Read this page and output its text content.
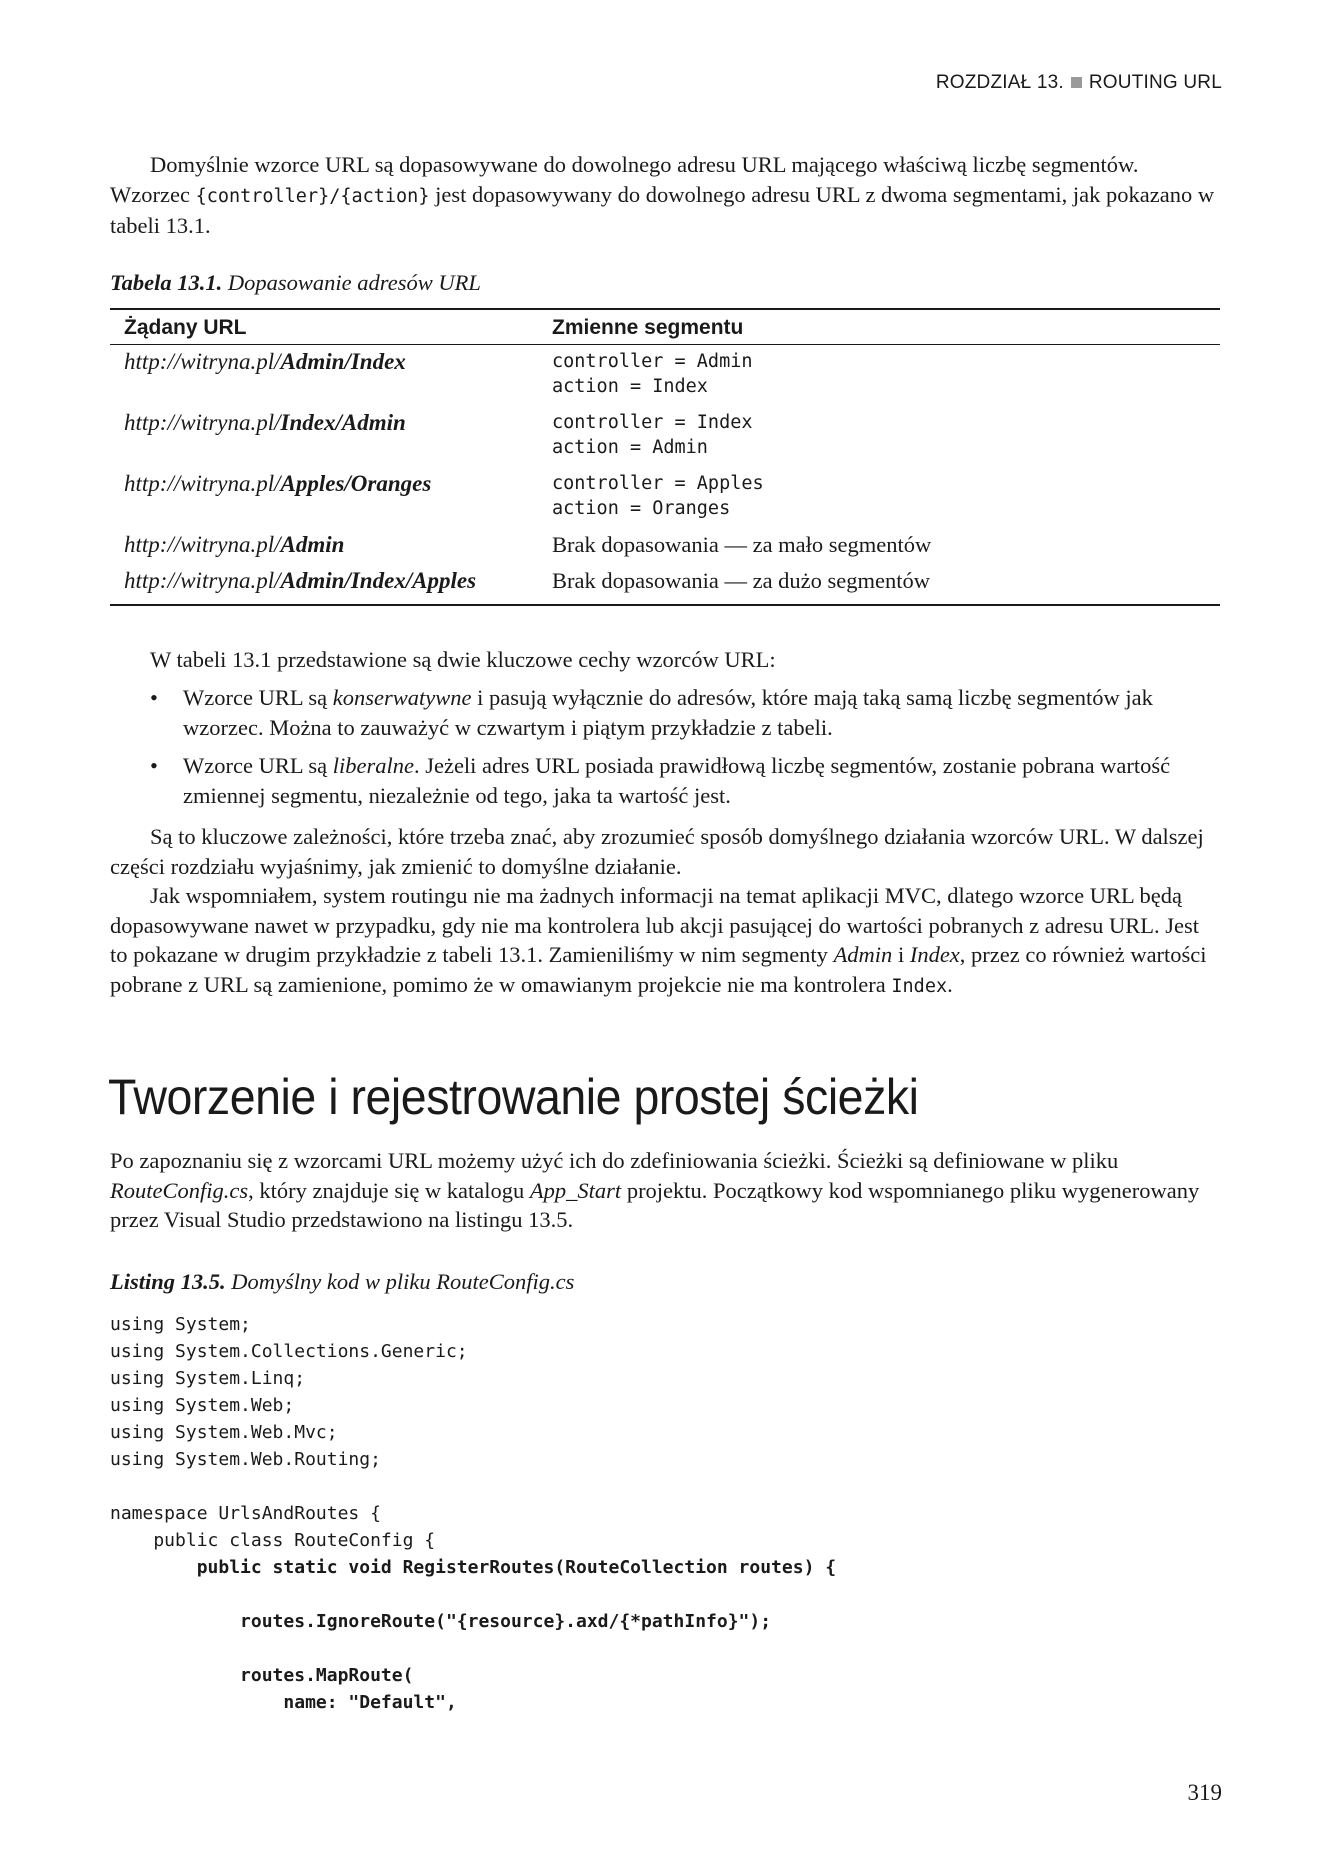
ROZDZIAŁ 13. ROUTING URL

Domyślnie wzorce URL są dopasowywane do dowolnego adresu URL mającego właściwą liczbę segmentów. Wzorzec {controller}/{action} jest dopasowywany do dowolnego adresu URL z dwoma segmentami, jak pokazano w tabeli 13.1.

Tabela 13.1. Dopasowanie adresów URL
Żądany URL	Zmienne segmentu
http://witryna.pl/Admin/Index	controller = Admin
action = Index

http://witryna.pl/Index/Admin	controller = Index
action = Admin

http://witryna.pl/Apples/Oranges	controller = Apples
action = Oranges

http://witryna.pl/Admin	Brak dopasowania — za mało segmentów
http://witryna.pl/Admin/Index/Apples	Brak dopasowania — za dużo segmentów

W tabeli 13.1 przedstawione są dwie kluczowe cechy wzorców URL:

•	Wzorce URL są konserwatywne i pasują wyłącznie do adresów, które mają taką samą liczbę segmentów jak wzorzec. Można to zauważyć w czwartym i piątym przykładzie z tabeli.
•	Wzorce URL są liberalne. Jeżeli adres URL posiada prawidłową liczbę segmentów, zostanie pobrana wartość zmiennej segmentu, niezależnie od tego, jaka ta wartość jest.

Są to kluczowe zależności, które trzeba znać, aby zrozumieć sposób domyślnego działania wzorców URL. W dalszej części rozdziału wyjaśnimy, jak zmienić to domyślne działanie.

Jak wspomniałem, system routingu nie ma żadnych informacji na temat aplikacji MVC, dlatego wzorce URL będą dopasowywane nawet w przypadku, gdy nie ma kontrolera lub akcji pasującej do wartości pobranych z adresu URL. Jest to pokazane w drugim przykładzie z tabeli 13.1. Zamieniliśmy w nim segmenty Admin i Index, przez co również wartości pobrane z URL są zamienione, pomimo że w omawianym projekcie nie ma kontrolera Index.

Tworzenie i rejestrowanie prostej ścieżki

Po zapoznaniu się z wzorcami URL możemy użyć ich do zdefiniowania ścieżki. Ścieżki są definiowane w pliku RouteConfig.cs, który znajduje się w katalogu App_Start projektu. Początkowy kod wspomnianego pliku wygenerowany przez Visual Studio przedstawiono na listingu 13.5.

Listing 13.5. Domyślny kod w pliku RouteConfig.cs
using System;
using System.Collections.Generic;
using System.Linq;
using System.Web;
using System.Web.Mvc;
using System.Web.Routing;

namespace UrlsAndRoutes {
public class RouteConfig {
public static void RegisterRoutes(RouteCollection routes) {

routes.IgnoreRoute("{resource}.axd/{*pathInfo}");

routes.MapRoute(
name: "Default",
319
